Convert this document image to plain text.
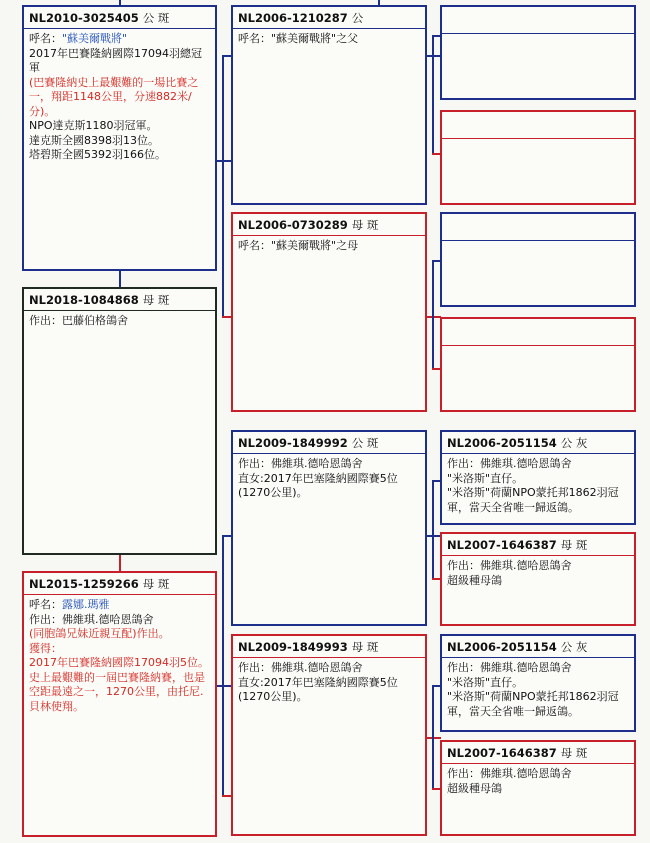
NL2010-3025405 公 斑
呼名："蘇美爾戰將"
2017年巴賽隆納國際17094羽總冠軍
(巴賽隆納史上最艱難的一場比賽之一，翔距1148公里，分速882米/分)。
NPO達克斯1180羽冠軍。
達克斯全國8398羽13位。
塔碧斯全國5392羽166位。
NL2006-1210287 公
呼名："蘇美爾戰將"之父
NL2006-0730289 母 斑
呼名："蘇美爾戰將"之母
NL2018-1084868 母 斑
作出：巴藤伯格鴿舍
NL2015-1259266 母 斑
呼名：露娜.瑪雅
作出：佛維琪.德哈恩鴿舍
(同胞鴿兄妹近親互配)作出。
獲得：
2017年巴賽隆納國際17094羽5位。史上最艱難的一屆巴賽隆納賽，也是空距最遠之一，1270公里，由托尼.貝林使翔。
NL2009-1849992 公 斑
作出：佛維琪.德哈恩鴿舍
直女:2017年巴塞隆納國際賽5位(1270公里)。
NL2009-1849993 母 斑
作出：佛維琪.德哈恩鴿舍
直女:2017年巴塞隆納國際賽5位(1270公里)。
NL2006-2051154 公 灰
作出：佛維琪.德哈恩鴿舍
"米洛斯"直仔。
"米洛斯"荷蘭NPO蒙托邦1862羽冠軍，當天全省唯一歸返鴿。
NL2007-1646387 母 斑
作出：佛維琪.德哈恩鴿舍
超級種母鴿
NL2006-2051154 公 灰
作出：佛維琪.德哈恩鴿舍
"米洛斯"直仔。
"米洛斯"荷蘭NPO蒙托邦1862羽冠軍，當天全省唯一歸返鴿。
NL2007-1646387 母 斑
作出：佛維琪.德哈恩鴿舍
超級種母鴿
